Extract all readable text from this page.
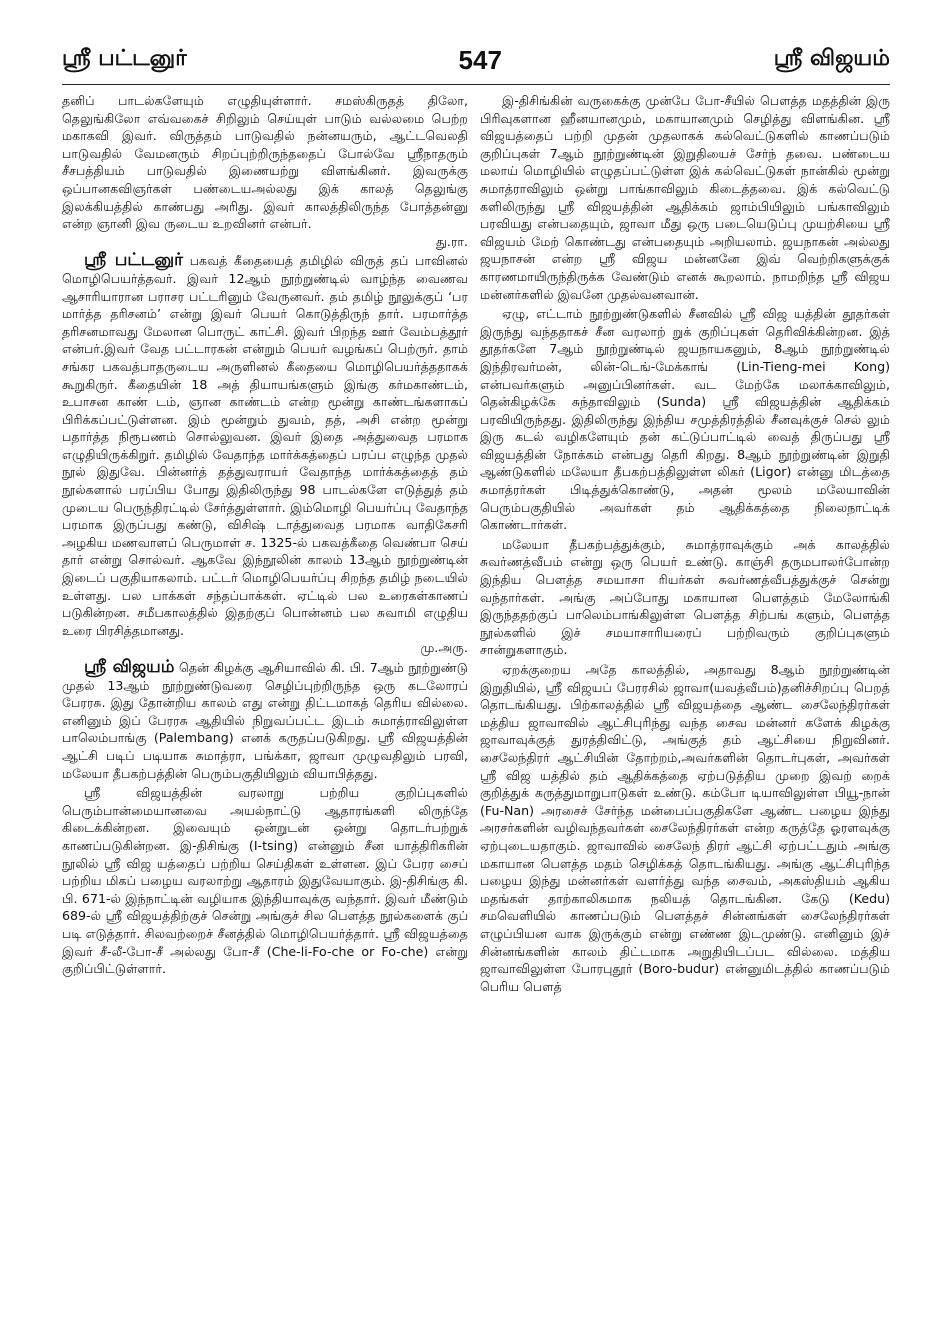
ஸ்ரீ பட்டனுர்	547	ஸ்ரீ விஜயம்

தனிப் பாடல்களேயும் எழுதியுள்ளார். சமஸ்கிருதத் திலோ, தெலுங்கிலோ எவ்வகைச் சிறிலும் செய்யுள் பாடும் வல்லமை பெற்ற மகாகவி இவர். விருத்தம் பாடுவதில் நன்னயரும், ஆட்டவெலதி பாடுவதில் வேமனரும் சிறப்புற்றிருந்ததைப் போல்வே ஸ்ரீநாதரும் சீசபத்தியம் பாடுவதில் இணையற்று விளங்கினர். இவருக்கு ஒப்பானகவிஞர்கள் பண்டையஅல்லது இக் காலத் தெலுங்கு இலக்கியத்தில் காண்பது அரிது. இவர் காலத்திலிருந்த போத்தன்னு என்ற ஞானி இவ ருடைய உறவினர் என்பர்.
து.ரா.

ஸ்ரீ பட்டனுர் பகவத் கீதையைத் தமிழில் விருத் தப் பாவினல் மொழிபெயர்த்தவர். இவர் 12ஆம் நூற்றுண்டில் வாழ்ந்த வைணவ ஆசாரியாரான பராசர பட்டரினும் வேருனவர். தம் தமிழ் நூலுக்குப் ‘பர மார்த்த தரிசனம்’ என்று இவர் பெயர் கொடுத்திருந் தார். பரமார்த்த தரிசனமாவது மேலான பொருட் காட்சி. இவர் பிறந்த ஊர் வேம்பத்தூர் என்பர்.இவர் வேத பட்டாரகன் என்றும் பெயர் வழங்கப் பெற்ருர். தாம் சங்கர பகவத்பாதருடைய அருளினல் கீதையை மொழிபெயர்த்ததாகக் கூறுகிருர். கீதையின் 18 அத் தியாயங்களும் இங்கு கர்மகாண்டம், உபாசன காண் டம், ஞான காண்டம் என்ற மூன்று காண்டங்களாகப் பிரிக்கப்பட்டுள்ளன. இம் மூன்றும் துவம், தத், அசி என்ற மூன்று பதார்த்த நிரூபணம் சொல்லுவன. இவர் இதை அத்துவைத பரமாக எழுதியிருக்கிறுர். தமிழில் வேதாந்த மார்க்கத்தைப் பரப்ப எழுந்த முதல் நூல் இதுவே. பின்னர்த் தத்துவராயர் வேதாந்த மார்க்கத்தைத் தம் நூல்களால் பரப்பிய போது இதிலிருந்து 98 பாடல்களே எடுத்துத் தம் முடைய பெருந்திரட்டில் சேர்த்துள்ளார். இம்மொழி பெயர்ப்பு வேதாந்த பரமாக இருப்பது கண்டு, விசிஷ் டாத்துவைத பரமாக வாதிகேசரி அழகிய மணவாளப் பெருமாள் ச. 1325-ல் பகவத்கீதை வெண்பா செய் தார் என்று சொல்வர். ஆகவே இந்நூலின் காலம் 13ஆம் நூற்றுண்டின் இடைப் பகுதியாகலாம். பட்டர் மொழிபெயர்ப்பு சிறந்த தமிழ் நடையில் உள்ளது. பல பாக்கள் சந்தப்பாக்கள். ஏட்டில் பல உரைகள்காணப் படுகின்றன. சமீபகாலத்தில் இதற்குப் பொன்னம் பல சுவாமி எழுதிய உரை பிரசித்தமானது.
மு.அரு.

ஸ்ரீ விஜயம் தென் கிழக்கு ஆசியாவில் கி. பி. 7ஆம் நூற்றுண்டு முதல் 13ஆம் நூற்றுண்டுவரை செழிப்புற்றிருந்த ஒரு கடலோரப் பேரரசு. இது தோன்றிய காலம் எது என்று திட்டமாகத் தெரிய வில்லை. எனினும் இப் பேரரசு ஆதியில் நிறுவப்பட்ட இடம் சுமாத்ராவிலுள்ள பாலெம்பாங்கு (Palembang) எனக் கருதப்படுகிறது. ஸ்ரீ விஜயத்தின் ஆட்சி படிப் படியாக சுமாத்ரா, பங்க்கா, ஜாவா முழுவதிலும் பரவி, மலேயா தீபகற்பத்தின் பெரும்பகுதியிலும் வியாபித்தது.

ஸ்ரீ விஜயத்தின் வரலாறு பற்றிய குறிப்புகளில் பெரும்பான்மையானவை அயல்நாட்டு ஆதாரங்களி லிருந்தே கிடைக்கின்றன. இவையும் ஒன்றுடன் ஒன்று தொடர்பற்றுக் காணப்படுகின்றன. இ-திசிங்கு (I-tsing) என்னும் சீன யாத்திரிகரின் நூலில் ஸ்ரீ விஜ யத்தைப் பற்றிய செய்திகள் உள்ளன. இப் பேரர சைப் பற்றிய மிகப் பழைய வரலாற்று ஆதாரம் இதுவேயாகும். இ-திசிங்கு கி. பி. 671-ல் இந்நாட்டின் வழியாக இந்தியாவுக்கு வந்தார். இவர் மீண்டும் 689-ல் ஸ்ரீ விஜயத்திற்குச் சென்று அங்குச் சில பௌத்த நூல்களைக் குப் படி எடுத்தார். சிலவற்றைச் சீனத்தில் மொழிபெயர்த்தார். ஸ்ரீ விஜயத்தை இவர் சீ-லீ-போ-சீ அல்லது போ-சீ (Che-li-Fo-che or Fo-che) என்று குறிப்பிட்டுள்ளார்.

இ-திசிங்கின் வருகைக்கு முன்பே போ-சீயில் பௌத்த மதத்தின் இரு பிரிவுகளான ஹீனயானமும், மகாயானமும் செழித்து விளங்கின. ஸ்ரீ விஜயத்தைப் பற்றி முதன் முதலாகக் கல்வெட்டுகளில் காணப்படும் குறிப்புகள் 7ஆம் நூற்றுண்டின் இறுதியைச் சேர்ந் தவை. பண்டைய மலாய் மொழியில் எழுதப்பட்டுள்ள இக் கல்வெட்டுகள் நான்கில் மூன்று சுமாத்ராவிலும் ஒன்று பாங்காவிலும் கிடைத்தவை. இக் கல்வெட்டு களிலிருந்து ஸ்ரீ விஜயத்தின் ஆதிக்கம் ஜாம்பியிலும் பங்காவிலும் பரவியது என்பதையும், ஜாவா மீது ஒரு படையெடுப்பு முயற்சியை ஸ்ரீ விஜயம் மேற் கொண்டது என்பதையும் அறியலாம். ஜயநாகன் அல்லது ஜயநாசன் என்ற ஸ்ரீ விஜய மன்னனே இவ் வெற்றிகளுக்குக் காரணமாயிருந்திருக்க வேண்டும் எனக் கூறலாம். நாமறிந்த ஸ்ரீ விஜய மன்னர்களில் இவனே முதல்வனவான்.

ஏழு, எட்டாம் நூற்றுண்டுகளில் சீனவில் ஸ்ரீ விஜ யத்தின் தூதர்கள் இருந்து வந்ததாகச் சீன வரலாற் றுக் குறிப்புகள் தெரிவிக்கின்றன. இத் தூதர்களே 7ஆம் நூற்றுண்டில் ஜயநாயகனும், 8ஆம் நூற்றுண்டில் இந்திரவர்மன், லின்-டெங்-மேக்காங் (Lin-Tieng-mei Kong) என்பவர்களும் அனுப்பினர்கள். வட மேற்கே மலாக்காவிலும், தென்கிழக்கே சுந்தாவிலும் (Sunda) ஸ்ரீ விஜயத்தின் ஆதிக்கம் பரவியிருந்தது. இதிலிருந்து இந்திய சமுத்திரத்தில் சீனவுக்குச் செல் லும் இரு கடல் வழிகளேயும் தன் கட்டுப்பாட்டில் வைத் திருப்பது ஸ்ரீ விஜயத்தின் நோக்கம் என்பது தெரி கிறது. 8ஆம் நூற்றுண்டின் இறுதி ஆண்டுகளில் மலேயா தீபகற்பத்திலுள்ள லிகர் (Ligor) என்னு மிடத்தை சுமாத்ரர்கள் பிடித்துக்கொண்டு, அதன் மூலம் மலேயாவின் பெரும்பகுதியில் அவர்கள் தம் ஆதிக்கத்தை நிலைநாட்டிக் கொண்டார்கள்.

மலேயா தீபகற்பத்துக்கும், சுமாத்ராவுக்கும் அக் காலத்தில் சுவர்ணத்வீபம் என்று ஒரு பெயர் உண்டு. காஞ்சி தருமபாலர்போன்ற இந்திய பௌத்த சமயாசா ரியர்கள் சுவர்ணத்வீபத்துக்குச் சென்று வந்தார்கள். அங்கு அப்போது மகாயான பௌத்தம் மேலோங்கி இருந்ததற்குப் பாலெம்பாங்கிலுள்ள பௌத்த சிற்பங் களும், பௌத்த நூல்களில் இச் சமயாசாரியரைப் பற்றிவரும் குறிப்புகளும் சான்றுகளாகும்.

ஏறக்குறைய அதே காலத்தில், அதாவது 8ஆம் நூற்றுண்டின் இறுதியில், ஸ்ரீ விஜயப் பேரரசில் ஜாவா(யவத்வீபம்)தனிச்சிறப்பு பெறத் தொடங்கியது. பிற்காலத்தில் ஸ்ரீ விஜயத்தை ஆண்ட சைலேந்திரர்கள் மத்திய ஜாவாவில் ஆட்சிபுரிந்து வந்த சைவ மன்னர் களேக் கிழக்கு ஜாவாவுக்குத் துரத்திவிட்டு, அங்குத் தம் ஆட்சியை நிறுவினர். சைலேந்திரர் ஆட்சியின் தோற்றம்,அவர்களின் தொடர்புகள், அவர்கள் ஸ்ரீ விஜ யத்தில் தம் ஆதிக்கத்தை ஏற்படுத்திய முறை இவற் றைக் குறித்துக் கருத்துமாறுபாடுகள் உண்டு. கம்போ டியாவிலுள்ள பியூ-நான் (Fu-Nan) அரசைச் சேர்ந்த மன்பைப்பகுதிகளே ஆண்ட பழைய இந்து அரசர்களின் வழிவந்தவர்கள் சைலேந்திரர்கள் என்ற கருத்தே ஓரளவுக்கு ஏற்புடையதாகும். ஜாவாவில் சைலேந் திரர் ஆட்சி ஏற்பட்டதும் அங்கு மகாயான பௌத்த மதம் செழிக்கத் தொடங்கியது. அங்கு ஆட்சிபுரிந்த பழைய இந்து மன்னர்கள் வளர்த்து வந்த சைவம், அகஸ்தியம் ஆகிய மதங்கள் தாற்காலிகமாக நலியத் தொடங்கின. கேடு (Kedu) சமவெளியில் காணப்படும் பௌத்தச் சின்னங்கள் சைலேந்திரர்கள் எழுப்பியன வாக இருக்கும் என்று எண்ண இடமுண்டு. எனினும் இச் சின்னங்களின் காலம் திட்டமாக அறுதியிடப்பட வில்லை. மத்திய ஜாவாவிலுள்ள போரபுதூர் (Boro-budur) என்னுமிடத்தில் காணப்படும் பெரிய பௌத்
